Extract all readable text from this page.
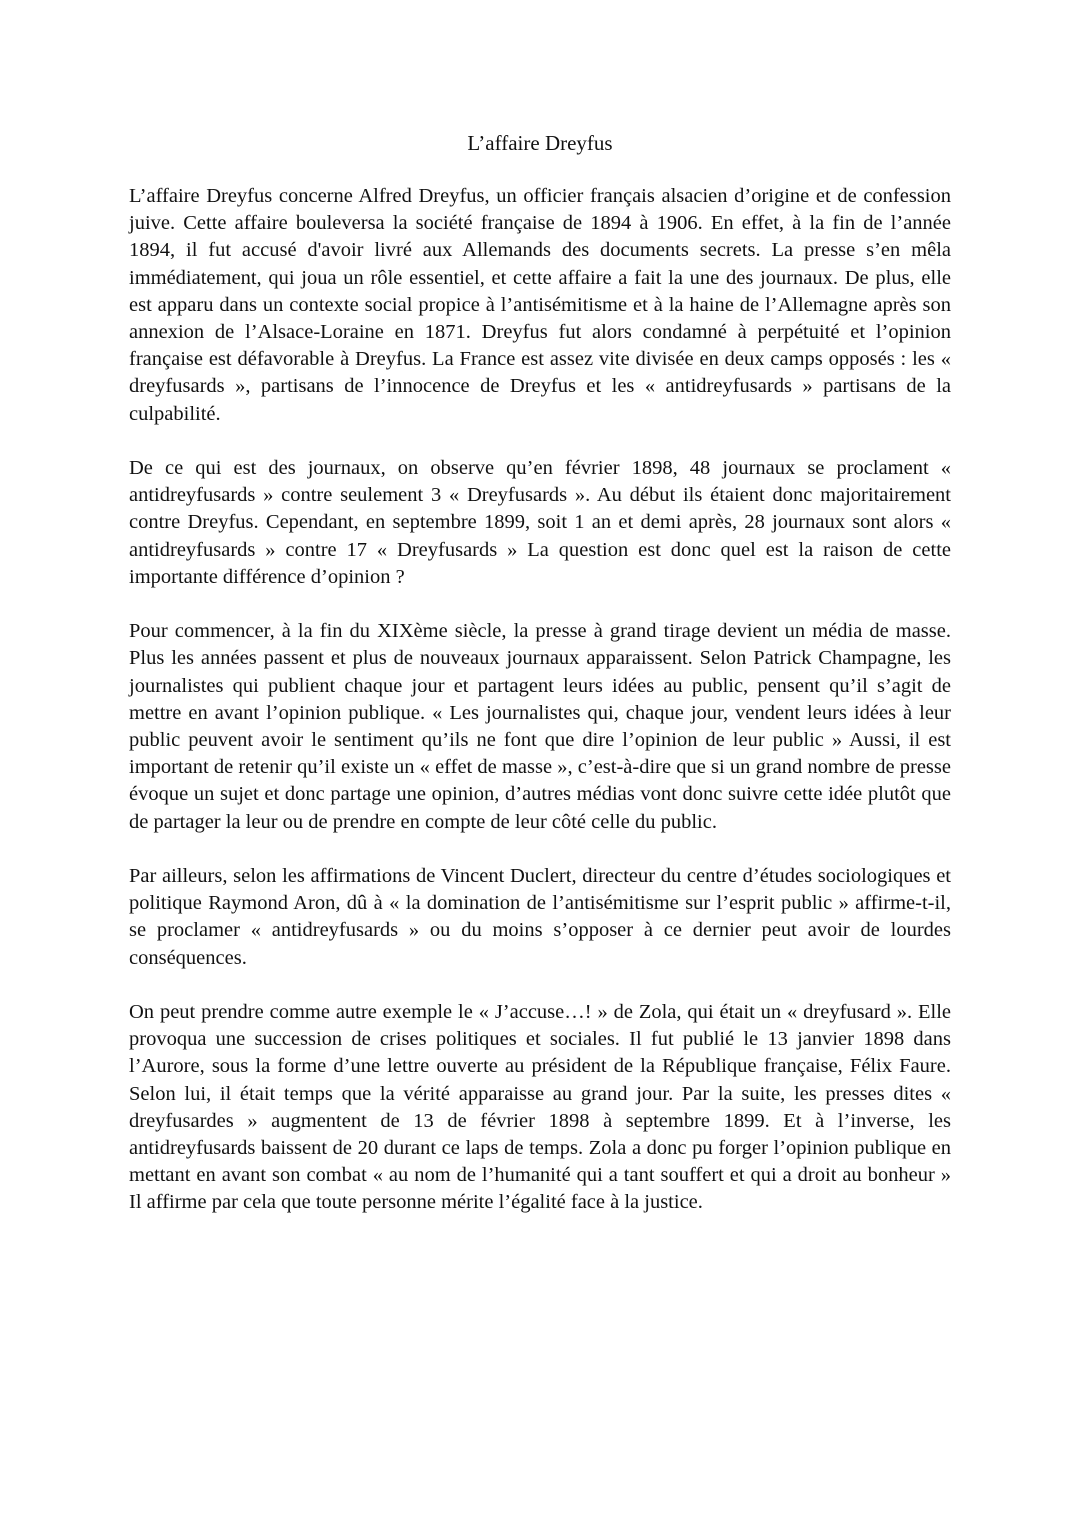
L’affaire Dreyfus

L’affaire Dreyfus concerne Alfred Dreyfus, un officier français alsacien d’origine et de confession juive. Cette affaire bouleversa la société française de 1894 à 1906. En effet, à la fin de l’année 1894, il fut accusé d'avoir livré aux Allemands des documents secrets. La presse s’en mêla immédiatement, qui joua un rôle essentiel, et cette affaire a fait la une des journaux. De plus, elle est apparu dans un contexte social propice à l’antisémitisme et à la haine de l’Allemagne après son annexion de l’Alsace-Loraine en 1871. Dreyfus fut alors condamné à perpétuité et l’opinion française est défavorable à Dreyfus. La France est assez vite divisée en deux camps opposés : les « dreyfusards », partisans de l’innocence de Dreyfus et les « antidreyfusards » partisans de la culpabilité.

De ce qui est des journaux, on observe qu’en février 1898, 48 journaux se proclament « antidreyfusards » contre seulement 3 « Dreyfusards ». Au début ils étaient donc majoritairement contre Dreyfus. Cependant, en septembre 1899, soit 1 an et demi après, 28 journaux sont alors « antidreyfusards » contre 17 « Dreyfusards » La question est donc quel est la raison de cette importante différence d’opinion ?

Pour commencer, à la fin du XIXème siècle, la presse à grand tirage devient un média de masse. Plus les années passent et plus de nouveaux journaux apparaissent. Selon Patrick Champagne, les journalistes qui publient chaque jour et partagent leurs idées au public, pensent qu’il s’agit de mettre en avant l’opinion publique. « Les journalistes qui, chaque jour, vendent leurs idées à leur public peuvent avoir le sentiment qu’ils ne font que dire l’opinion de leur public » Aussi, il est important de retenir qu’il existe un « effet de masse », c’est-à-dire que si un grand nombre de presse évoque un sujet et donc partage une opinion, d’autres médias vont donc suivre cette idée plutôt que de partager la leur ou de prendre en compte de leur côté celle du public.

Par ailleurs, selon les affirmations de Vincent Duclert, directeur du centre d’études sociologiques et politique Raymond Aron, dû à « la domination de l’antisémitisme sur l’esprit public » affirme-t-il, se proclamer « antidreyfusards » ou du moins s’opposer à ce dernier peut avoir de lourdes conséquences.

On peut prendre comme autre exemple le « J’accuse…! » de Zola, qui était un « dreyfusard ». Elle provoqua une succession de crises politiques et sociales. Il fut publié le 13 janvier 1898 dans l’Aurore, sous la forme d’une lettre ouverte au président de la République française, Félix Faure. Selon lui, il était temps que la vérité apparaisse au grand jour. Par la suite, les presses dites « dreyfusardes » augmentent de 13 de février 1898 à septembre 1899. Et à l’inverse, les antidreyfusards baissent de 20 durant ce laps de temps. Zola a donc pu forger l’opinion publique en mettant en avant son combat « au nom de l’humanité qui a tant souffert et qui a droit au bonheur » Il affirme par cela que toute personne mérite l’égalité face à la justice.
